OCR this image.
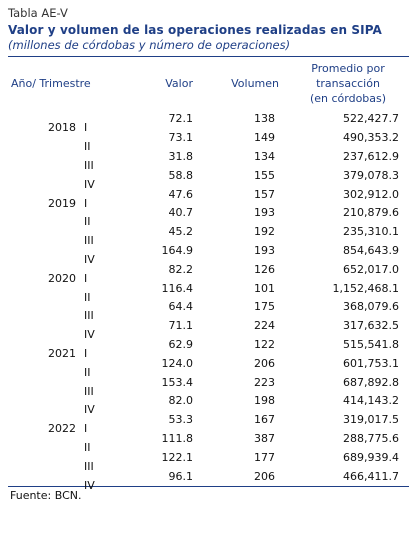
Tabla AE-V
Valor y volumen de las operaciones realizadas en SIPA
(millones de córdobas y número de operaciones)
Año/ Trimestre	Valor	Volumen	Promedio por
transacción
(en córdobas)

2018 I	72.1	138	522,427.7

II	73.1	149	490,353.2

III	31.8	134	237,612.9

IV	58.8	155	379,078.3

2019 I	47.6	157	302,912.0

II	40.7	193	210,879.6

III	45.2	192	235,310.1

IV	164.9	193	854,643.9

2020 I	82.2	126	652,017.0

II	116.4	101	1,152,468.1

III	64.4	175	368,079.6

IV	71.1	224	317,632.5

2021 I	62.9	122	515,541.8

II	124.0	206	601,753.1

III	153.4	223	687,892.8

IV	82.0	198	414,143.2

2022 I	53.3	167	319,017.5

II	111.8	387	288,775.6

III	122.1	177	689,939.4

IV	96.1	206	466,411.7
Fuente: BCN.
